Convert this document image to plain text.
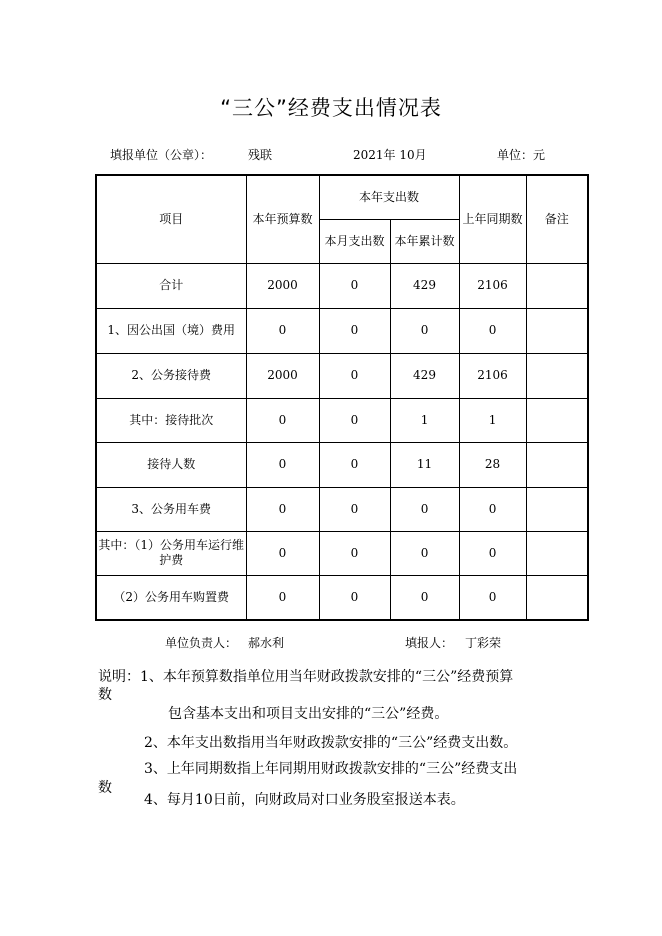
“三公”经费支出情况表
填报单位（公章）：	残联	2021年 10月	单位：元
项目	本年预算数	本年支出数		上年同期数	备注
		本月支出数	本年累计数		
合计	2000	0	429	2106	
1、因公出国（境）费用	0	0	0	0	
2、公务接待费	2000	0	429	2106	
其中：接待批次	0	0	1	1	
接待人数	0	0	11	28	
3、公务用车费	0	0	0	0	
其中：（1）公务用车运行维护费	0	0	0	0	
（2）公务用车购置费	0	0	0	0	
单位负责人： 郝水利	填报人： 丁彩荣
说明：1、本年预算数指单位用当年财政拨款安排的“三公”经费预算
数
包含基本支出和项目支出安排的“三公”经费。
2、本年支出数指用当年财政拨款安排的“三公”经费支出数。
3、上年同期数指上年同期用财政拨款安排的“三公”经费支出
数
4、每月10日前，向财政局对口业务股室报送本表。
